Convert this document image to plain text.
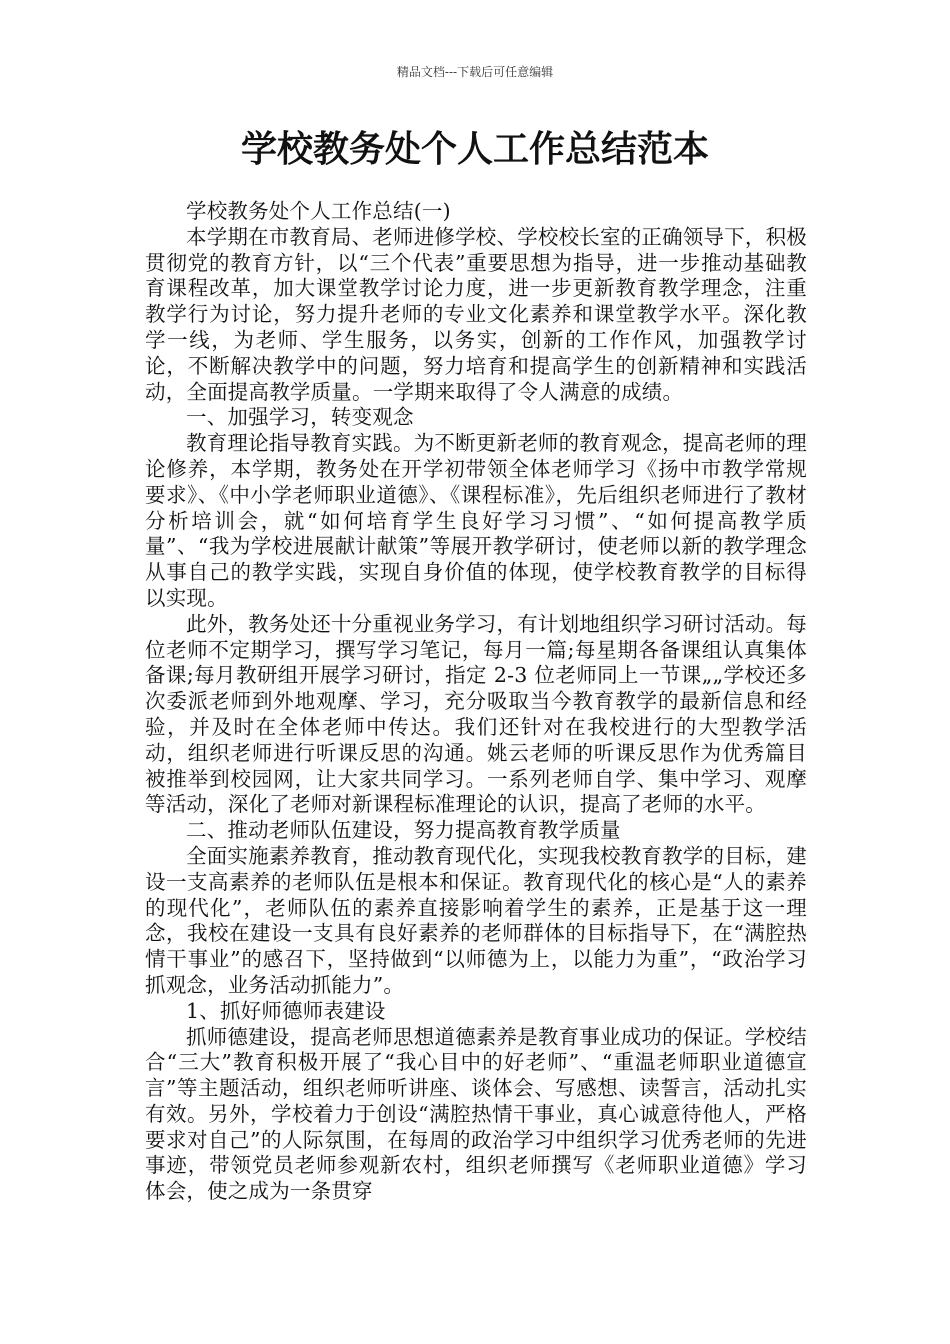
精品文档---下载后可任意编辑
学校教务处个人工作总结范本

学校教务处个人工作总结(一)

本学期在市教育局、老师进修学校、学校校长室的正确领导下，积极贯彻党的教育方针，以“三个代表”重要思想为指导，进一步推动基础教育课程改革，加大课堂教学讨论力度，进一步更新教育教学理念，注重教学行为讨论，努力提升老师的专业文化素养和课堂教学水平。深化教学一线，为老师、学生服务，以务实，创新的工作作风，加强教学讨论，不断解决教学中的问题，努力培育和提高学生的创新精神和实践活动，全面提高教学质量。一学期来取得了令人满意的成绩。

一、加强学习，转变观念

教育理论指导教育实践。为不断更新老师的教育观念，提高老师的理论修养，本学期，教务处在开学初带领全体老师学习《扬中市教学常规要求》、《中小学老师职业道德》、《课程标准》，先后组织老师进行了教材分析培训会，就“如何培育学生良好学习习惯”、“如何提高教学质量”、“我为学校进展献计献策”等展开教学研讨，使老师以新的教学理念从事自己的教学实践，实现自身价值的体现，使学校教育教学的目标得以实现。

此外，教务处还十分重视业务学习，有计划地组织学习研讨活动。每位老师不定期学习，撰写学习笔记，每月一篇;每星期各备课组认真集体备课;每月教研组开展学习研讨，指定 2-3 位老师同上一节课„„学校还多次委派老师到外地观摩、学习，充分吸取当今教育教学的最新信息和经验，并及时在全体老师中传达。我们还针对在我校进行的大型教学活动，组织老师进行听课反思的沟通。姚云老师的听课反思作为优秀篇目被推举到校园网，让大家共同学习。一系列老师自学、集中学习、观摩等活动，深化了老师对新课程标准理论的认识，提高了老师的水平。

二、推动老师队伍建设，努力提高教育教学质量

全面实施素养教育，推动教育现代化，实现我校教育教学的目标，建设一支高素养的老师队伍是根本和保证。教育现代化的核心是“人的素养的现代化”，老师队伍的素养直接影响着学生的素养，正是基于这一理念，我校在建设一支具有良好素养的老师群体的目标指导下，在“满腔热情干事业”的感召下，坚持做到“以师德为上，以能力为重”，“政治学习抓观念，业务活动抓能力”。

1、抓好师德师表建设

抓师德建设，提高老师思想道德素养是教育事业成功的保证。学校结合“三大”教育积极开展了“我心目中的好老师”、“重温老师职业道德宣言”等主题活动，组织老师听讲座、谈体会、写感想、读誓言，活动扎实有效。另外，学校着力于创设“满腔热情干事业，真心诚意待他人，严格要求对自己”的人际氛围，在每周的政治学习中组织学习优秀老师的先进事迹，带领党员老师参观新农村，组织老师撰写《老师职业道德》学习体会，使之成为一条贯穿
